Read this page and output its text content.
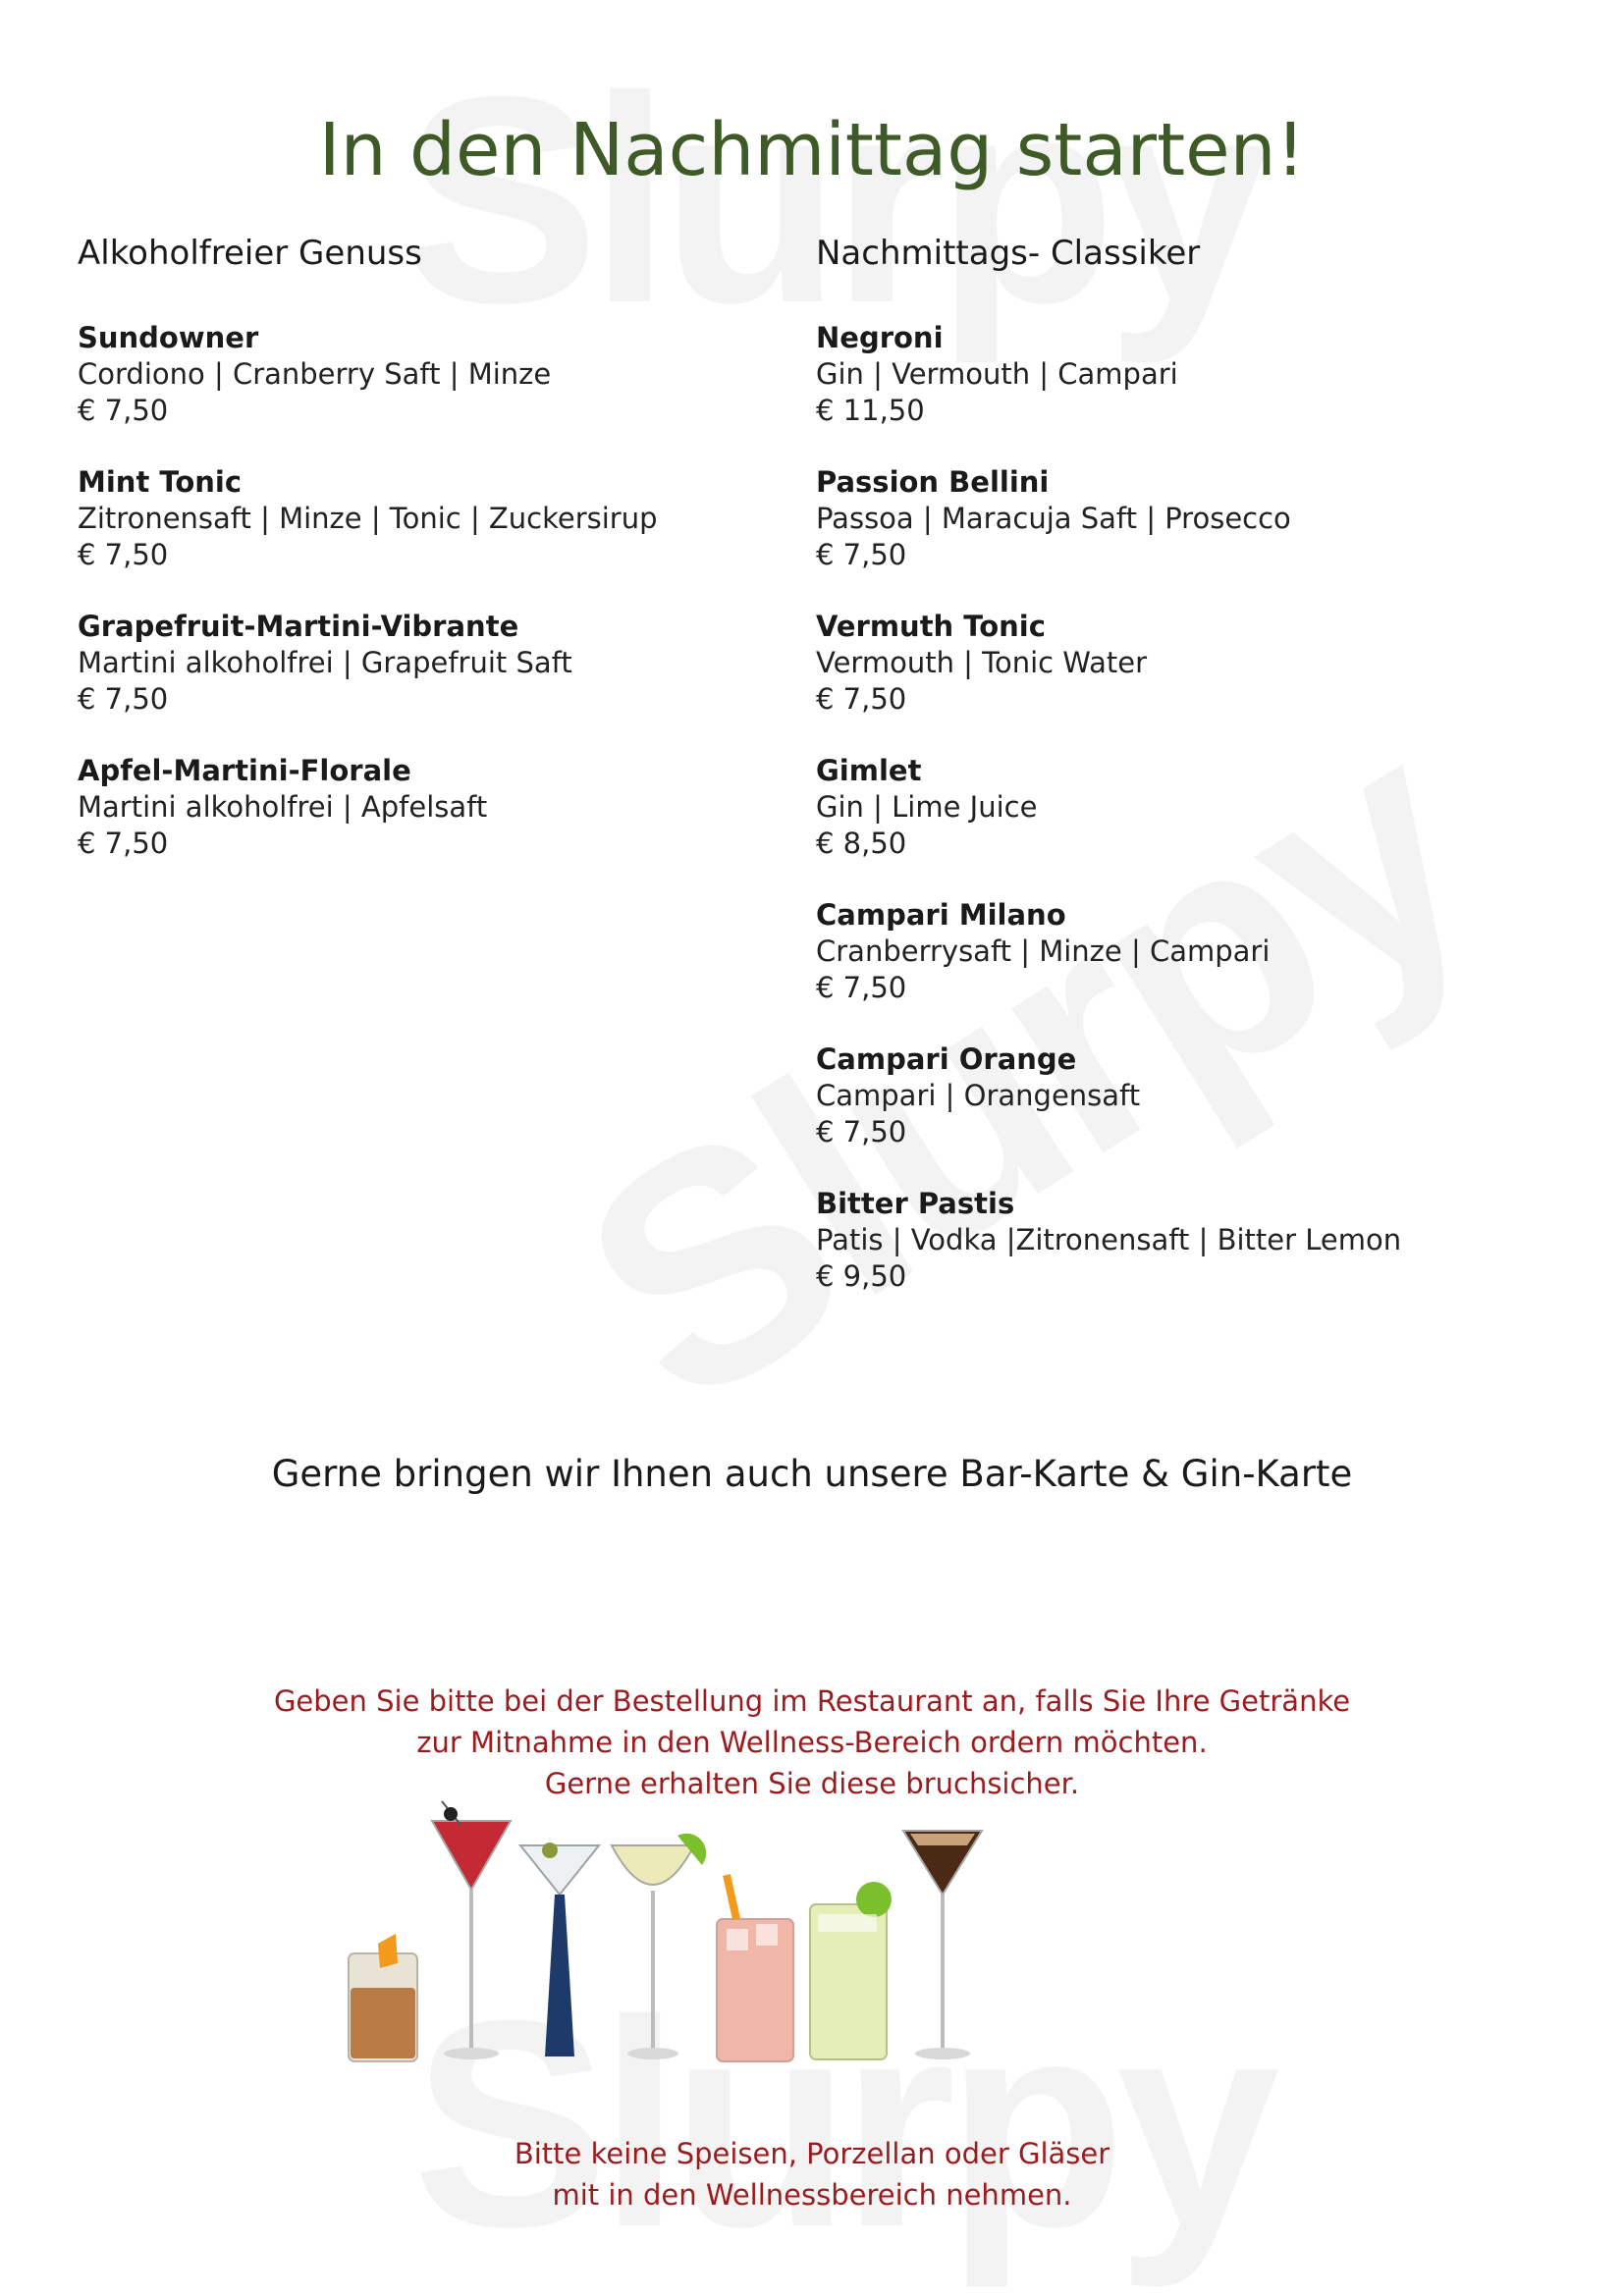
In den Nachmittag starten!
Alkoholfreier Genuss
Sundowner
Cordiono | Cranberry Saft | Minze
€ 7,50
Mint Tonic
Zitronensaft | Minze | Tonic | Zuckersirup
€ 7,50
Grapefruit-Martini-Vibrante
Martini alkoholfrei | Grapefruit Saft
€ 7,50
Apfel-Martini-Florale
Martini alkoholfrei | Apfelsaft
€ 7,50
Nachmittags- Classiker
Negroni
Gin | Vermouth | Campari
€ 11,50
Passion Bellini
Passoa | Maracuja Saft | Prosecco
€ 7,50
Vermuth Tonic
Vermouth | Tonic Water
€ 7,50
Gimlet
Gin | Lime Juice
€ 8,50
Campari Milano
Cranberrysaft | Minze | Campari
€ 7,50
Campari Orange
Campari | Orangensaft
€ 7,50
Bitter Pastis
Patis | Vodka |Zitronensaft | Bitter Lemon
€ 9,50
Gerne bringen wir Ihnen auch unsere Bar-Karte & Gin-Karte
Geben Sie bitte bei der Bestellung im Restaurant an, falls Sie Ihre Getränke
zur Mitnahme in den Wellness-Bereich ordern möchten.
Gerne erhalten Sie diese bruchsicher.
Bitte keine Speisen, Porzellan oder Gläser
mit in den Wellnessbereich nehmen.
